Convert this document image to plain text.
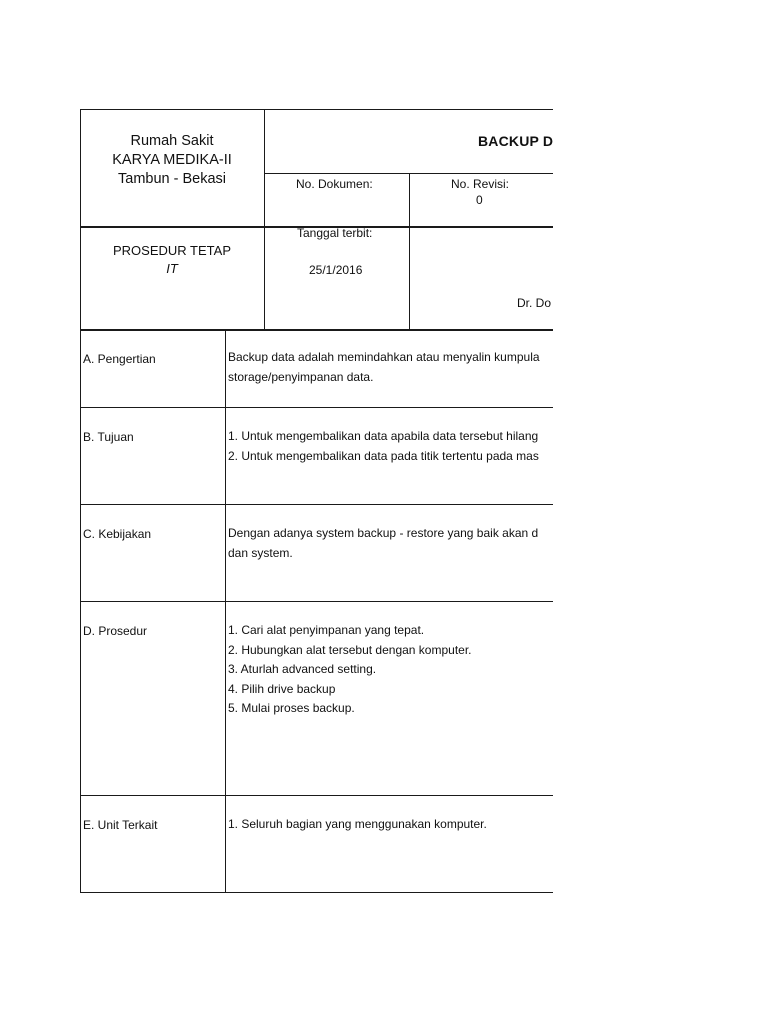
Rumah Sakit
KARYA MEDIKA-II
Tambun - Bekasi
BACKUP D
No. Dokumen:	No. Revisi:
0
PROSEDUR TETAP
IT
Tanggal terbit:
25/1/2016
Dr. Do
A. Pengertian	Backup data adalah memindahkan atau menyalin kumpula
storage/penyimpanan data.
B. Tujuan	1. Untuk mengembalikan data apabila data tersebut hilang
2. Untuk mengembalikan data pada titik tertentu pada mas
C. Kebijakan	Dengan adanya system backup - restore yang baik akan d
dan system.
D. Prosedur	1. Cari alat penyimpanan yang tepat.
2. Hubungkan alat tersebut dengan komputer.
3. Aturlah advanced setting.
4. Pilih drive backup
5. Mulai proses backup.
E. Unit Terkait	1. Seluruh bagian yang menggunakan komputer.
